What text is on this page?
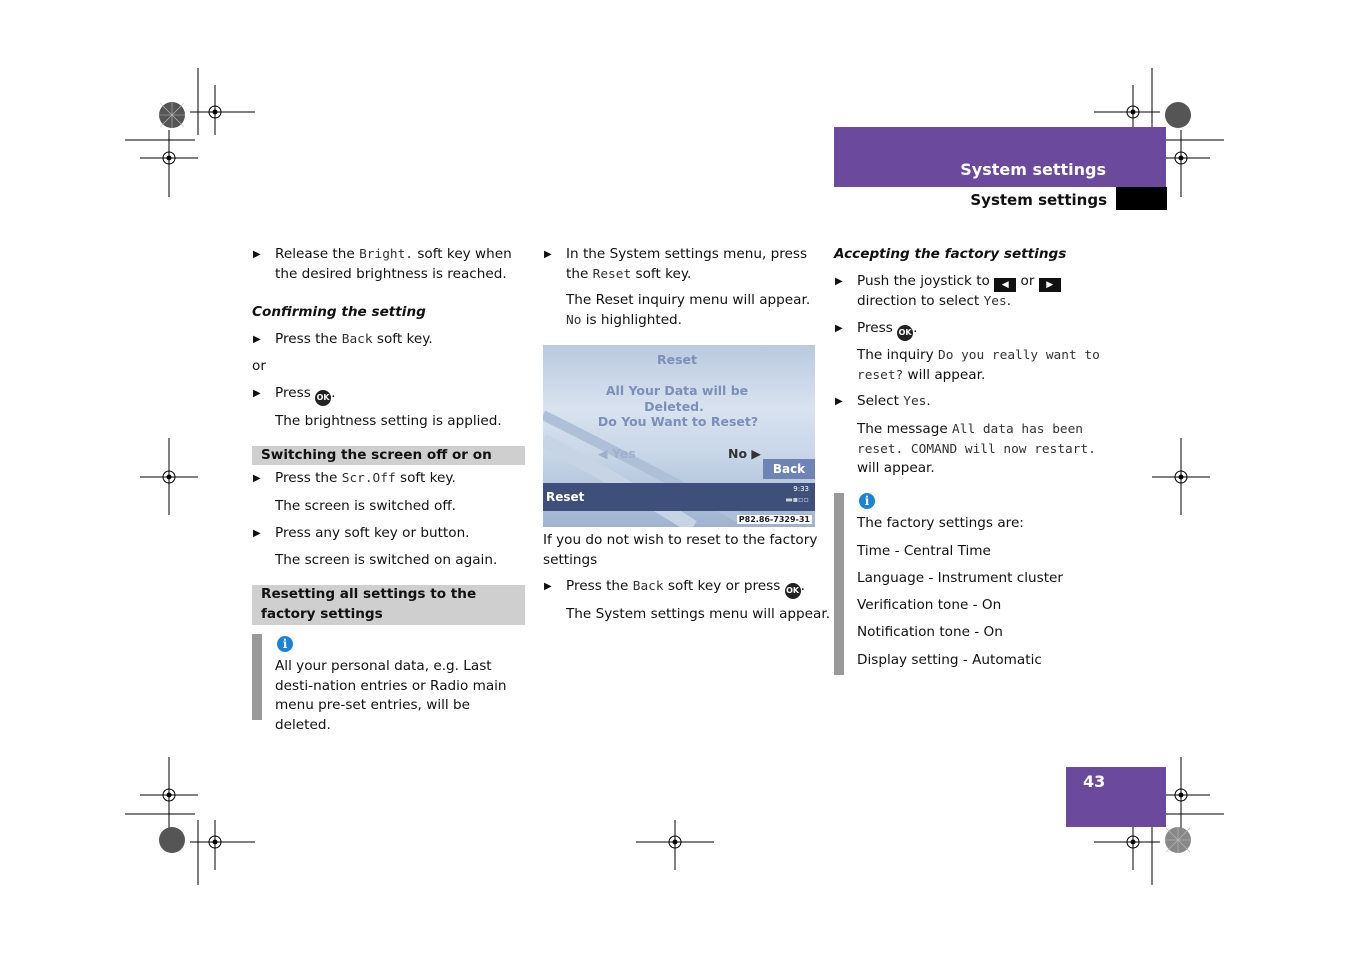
System settings
System settings
▶ Release the Bright. soft key when the desired brightness is reached.
Confirming the setting
▶ Press the Back soft key.
or
▶ Press OK .
The brightness setting is applied.
Switching the screen off or on
▶ Press the Scr.Off soft key.
The screen is switched off.
▶ Press any soft key or button.
The screen is switched on again.
Resetting all settings to the factory settings
i
All your personal data, e.g. Last desti-nation entries or Radio main menu pre-set entries, will be deleted.
▶ In the System settings menu, press the Reset soft key.
The Reset inquiry menu will appear. No is highlighted.
Reset
All Your Data will be
Deleted.
Do You Want to Reset?
◀ Yes	No ▶
Back
Reset
9:33
▬▪▫▫
P82.86-7329-31
If you do not wish to reset to the factory settings
▶ Press the Back soft key or press OK .
The System settings menu will appear.
Accepting the factory settings
▶ Push the joystick to ◀ or ▶
direction to select Yes.
▶ Press OK .
The inquiry Do you really want to reset? will appear.
▶ Select Yes.
The message All data has been reset. COMAND will now restart. will appear.
i
The factory settings are:
Time - Central Time
Language - Instrument cluster
Verification tone - On
Notification tone - On
Display setting - Automatic
43
